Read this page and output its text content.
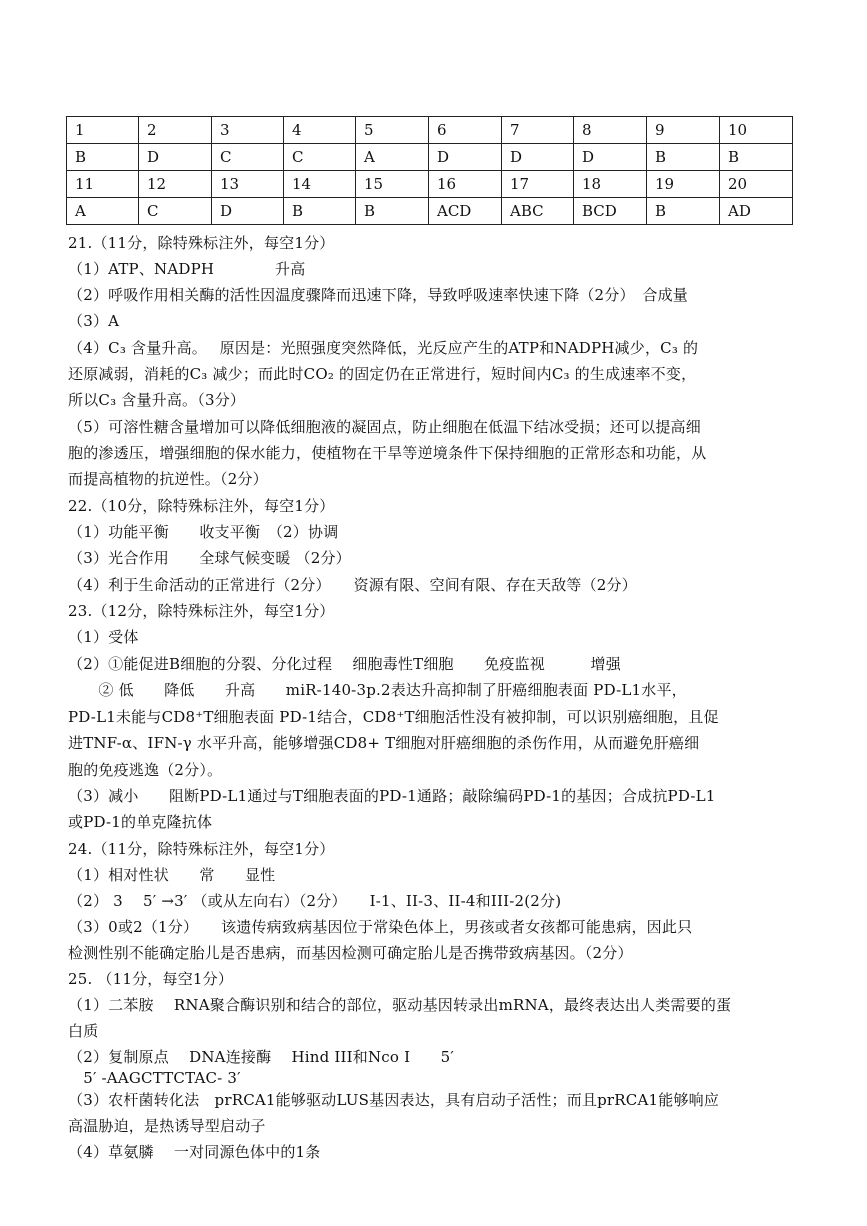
1	2	3	4	5	6	7	8	9	10
B	D	C	C	A	D	D	D	B	B
11	12	13	14	15	16	17	18	19	20
A	C	D	B	B	ACD	ABC	BCD	B	AD
21.（11分，除特殊标注外，每空1分）
（1）ATP、NADPH　　　　升高
（2）呼吸作用相关酶的活性因温度骤降而迅速下降，导致呼吸速率快速下降（2分）　合成量
（3）A
（4）C₃ 含量升高。　 原因是：光照强度突然降低，光反应产生的ATP和NADPH减少，C₃ 的
还原减弱，消耗的C₃ 减少；而此时CO₂ 的固定仍在正常进行，短时间内C₃ 的生成速率不变，
所以C₃ 含量升高。（3分）
（5）可溶性糖含量增加可以降低细胞液的凝固点，防止细胞在低温下结冰受损；还可以提高细
胞的渗透压，增强细胞的保水能力，使植物在干旱等逆境条件下保持细胞的正常形态和功能，从
而提高植物的抗逆性。（2分）
22.（10分，除特殊标注外，每空1分）
（1）功能平衡　　收支平衡　（2）协调
（3）光合作用　　全球气候变暖 （2分）
（4）利于生命活动的正常进行（2分）　　资源有限、空间有限、存在天敌等（2分）
23.（12分，除特殊标注外，每空1分）
（1）受体
（2）①能促进B细胞的分裂、分化过程　 细胞毒性T细胞　　免疫监视　　　增强
　　② 低　　降低　　升高　　miR-140-3p.2表达升高抑制了肝癌细胞表面 PD-L1水平，
PD-L1未能与CD8⁺T细胞表面 PD-1结合，CD8⁺T细胞活性没有被抑制，可以识别癌细胞，且促
进TNF-α、IFN-γ 水平升高，能够增强CD8+ T细胞对肝癌细胞的杀伤作用，从而避免肝癌细
胞的免疫逃逸（2分）。
（3）减小　　阻断PD-L1通过与T细胞表面的PD-1通路；敲除编码PD-1的基因；合成抗PD-L1
或PD-1的单克隆抗体
24.（11分，除特殊标注外，每空1分）
（1）相对性状　　常　　显性
（2） 3　 5′ →3′ （或从左向右）（2分）　　Ⅰ-1、II-3、II-4和III-2(2分)
（3）0或2（1分）　　该遗传病致病基因位于常染色体上，男孩或者女孩都可能患病，因此只
检测性别不能确定胎儿是否患病，而基因检测可确定胎儿是否携带致病基因。（2分）
25. （11分，每空1分）
（1）二苯胺　 RNA聚合酶识别和结合的部位，驱动基因转录出mRNA，最终表达出人类需要的蛋
白质
（2）复制原点　 DNA连接酶　 Hind III和Nco I　　5′
　5′ -AAGCTTCTAC- 3′
（3）农杆菌转化法　prRCA1能够驱动LUS基因表达，具有启动子活性；而且prRCA1能够响应
高温胁迫，是热诱导型启动子
（4）草氨膦　 一对同源色体中的1条
